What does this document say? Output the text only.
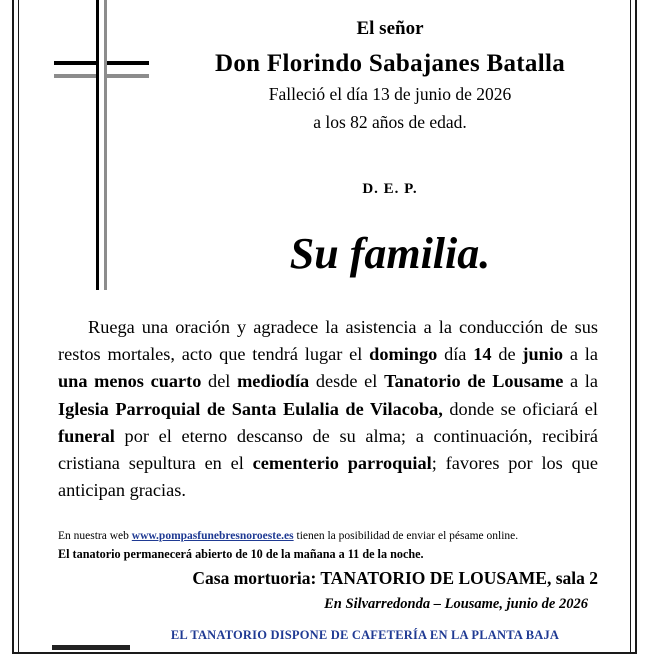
El señor
Don Florindo Sabajanes Batalla
Falleció el día 13 de junio de 2026
a los 82 años de edad.
D. E. P.
Su familia.
Ruega una oración y agradece la asistencia a la conducción de sus restos mortales, acto que tendrá lugar el domingo día 14 de junio a la una menos cuarto del mediodía desde el Tanatorio de Lousame a la Iglesia Parroquial de Santa Eulalia de Vilacoba, donde se oficiará el funeral por el eterno descanso de su alma; a continuación, recibirá cristiana sepultura en el cementerio parroquial; favores por los que anticipan gracias.
En nuestra web www.pompasfunebresnoroeste.es tienen la posibilidad de enviar el pésame online.
El tanatorio permanecerá abierto de 10 de la mañana a 11 de la noche.
Casa mortuoria: TANATORIO DE LOUSAME, sala 2
En Silvarredonda – Lousame, junio de 2026
EL TANATORIO DISPONE DE CAFETERÍA EN LA PLANTA BAJA
